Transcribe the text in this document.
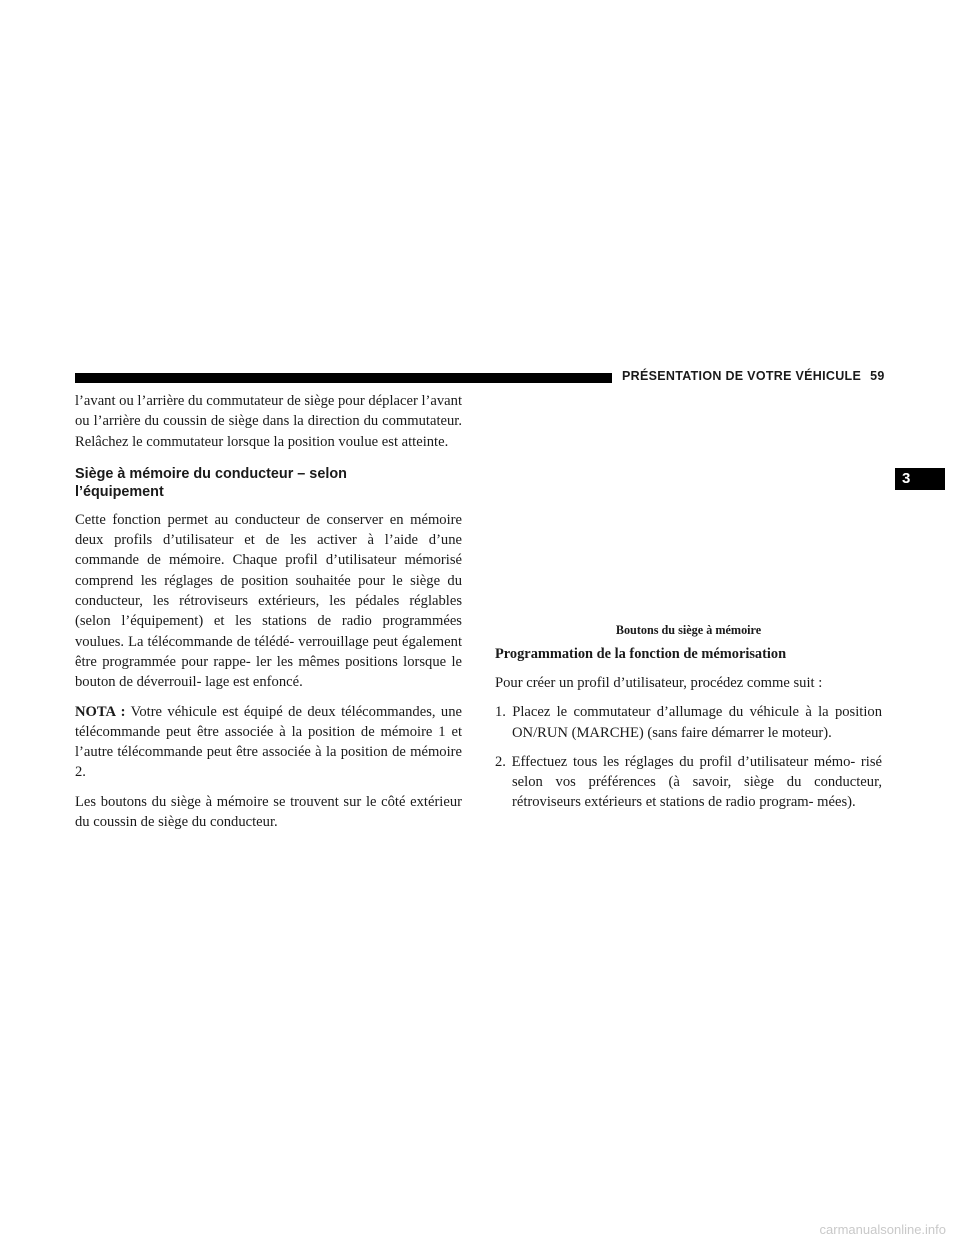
PRÉSENTATION DE VOTRE VÉHICULE 59
3

l’avant ou l’arrière du commutateur de siège pour déplacer l’avant ou l’arrière du coussin de siège dans la direction du commutateur. Relâchez le commutateur lorsque la position voulue est atteinte.

Siège à mémoire du conducteur – selon
l’équipement

Cette fonction permet au conducteur de conserver en mémoire deux profils d’utilisateur et de les activer à l’aide d’une commande de mémoire. Chaque profil d’utilisateur mémorisé comprend les réglages de position souhaitée pour le siège du conducteur, les rétroviseurs extérieurs, les pédales réglables (selon l’équipement) et les stations de radio programmées voulues. La télécommande de télédé- verrouillage peut également être programmée pour rappe- ler les mêmes positions lorsque le bouton de déverrouil- lage est enfoncé.

NOTA : Votre véhicule est équipé de deux télécommandes, une télécommande peut être associée à la position de mémoire 1 et l’autre télécommande peut être associée à la position de mémoire 2.

Les boutons du siège à mémoire se trouvent sur le côté extérieur du coussin de siège du conducteur.

Boutons du siège à mémoire
Programmation de la fonction de mémorisation

Pour créer un profil d’utilisateur, procédez comme suit :

1. Placez le commutateur d’allumage du véhicule à la position ON/RUN (MARCHE) (sans faire démarrer le moteur).
2. Effectuez tous les réglages du profil d’utilisateur mémo- risé selon vos préférences (à savoir, siège du conducteur, rétroviseurs extérieurs et stations de radio program- mées).
carmanualsonline.info
